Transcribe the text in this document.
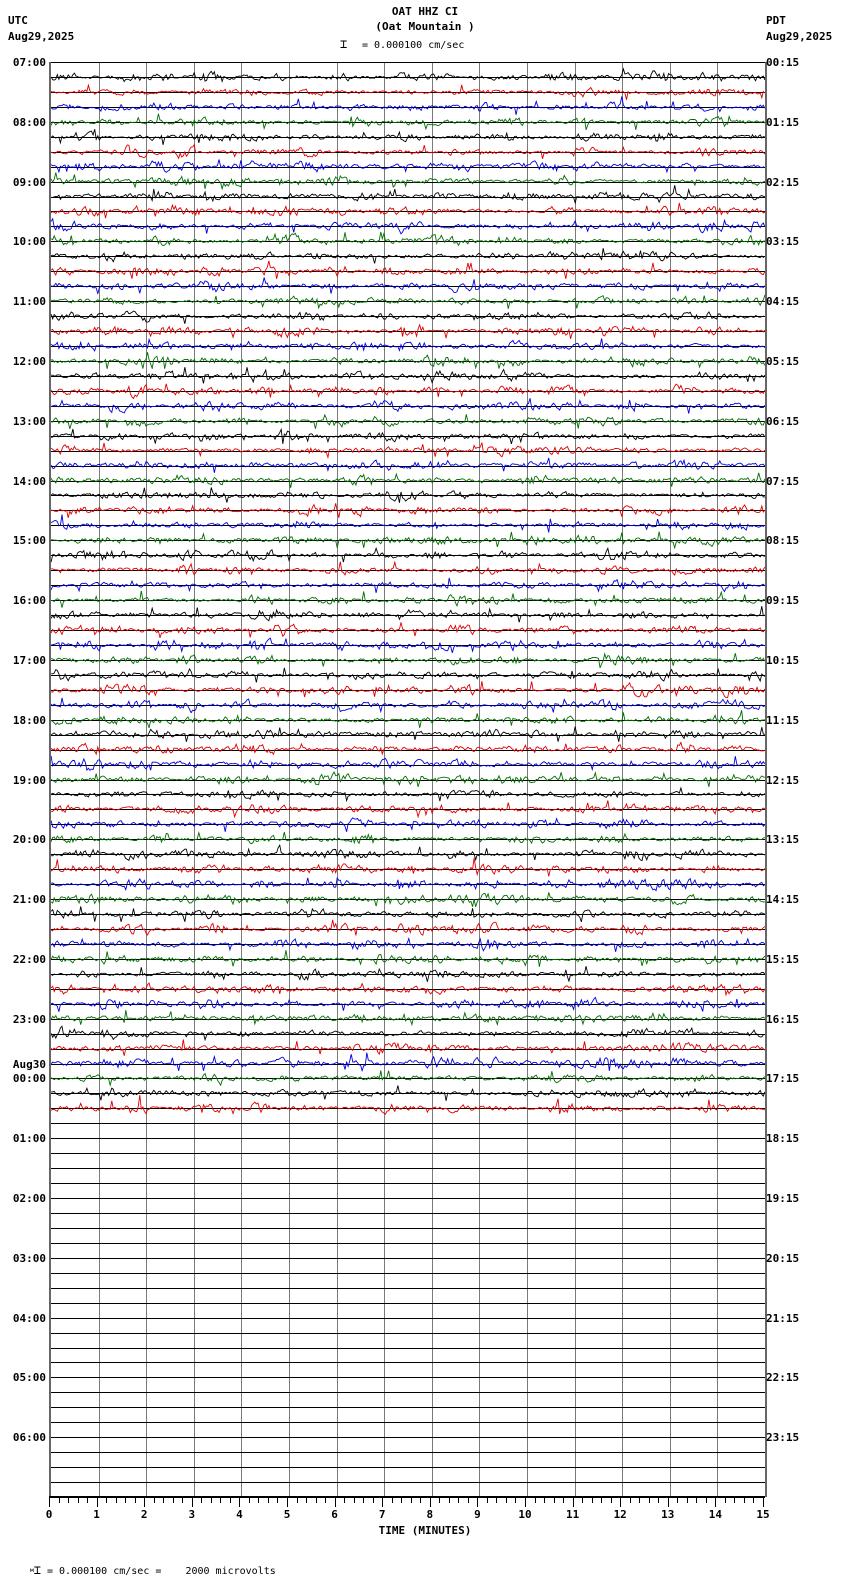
UTC
Aug29,2025
PDT
Aug29,2025
OAT HHZ CI
(Oat Mountain )
⌶ = 0.000100 cm/sec
07:00	00:15
08:00	01:15
09:00	02:15
10:00	03:15
11:00	04:15
12:00	05:15
13:00	06:15
14:00	07:15
15:00	08:15
16:00	09:15
17:00	10:15
18:00	11:15
19:00	12:15
20:00	13:15
21:00	14:15
22:00	15:15
23:00	16:15
00:00	17:15
Aug30
01:00	18:15
02:00	19:15
03:00	20:15
04:00	21:15
05:00	22:15
06:00	23:15
0	1	2	3	4	5	6	7	8	9	10	11	12	13	14	15
TIME (MINUTES)

$^м$⌶ = 0.000100 cm/sec =    2000 microvolts
